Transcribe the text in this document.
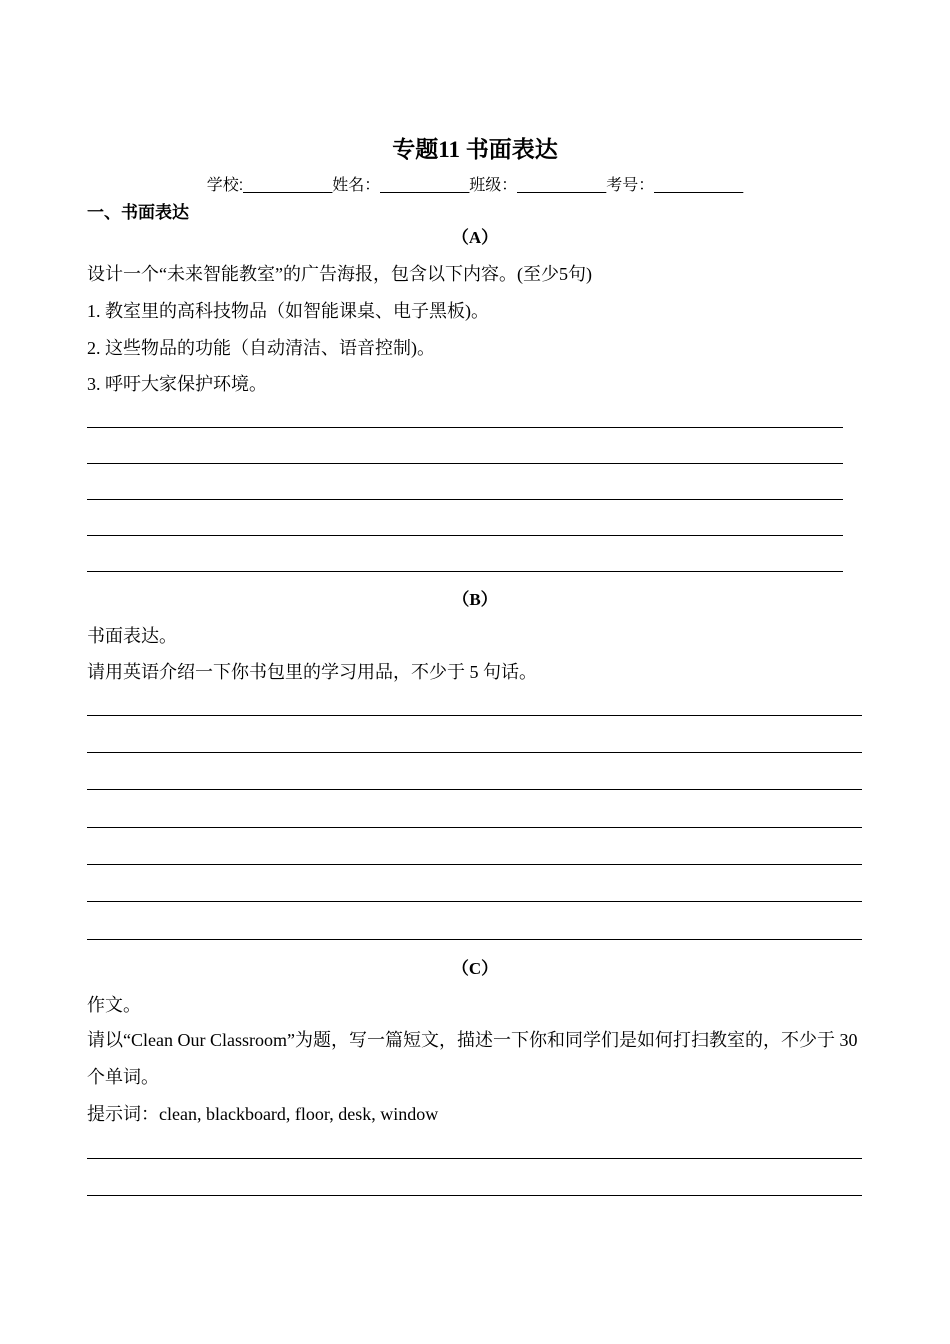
专题11 书面表达
学校:__________姓名：__________班级：__________考号：__________
一、书面表达
（A）
设计一个“未来智能教室”的广告海报，包含以下内容。(至少5句)
1. 教室里的高科技物品（如智能课桌、电子黑板)。
2. 这些物品的功能（自动清洁、语音控制)。
3. 呼吁大家保护环境。
（B）
书面表达。
请用英语介绍一下你书包里的学习用品，不少于 5 句话。
（C）
作文。
请以“Clean Our Classroom”为题，写一篇短文，描述一下你和同学们是如何打扫教室的，不少于 30 个单词。
提示词：clean, blackboard, floor, desk, window
